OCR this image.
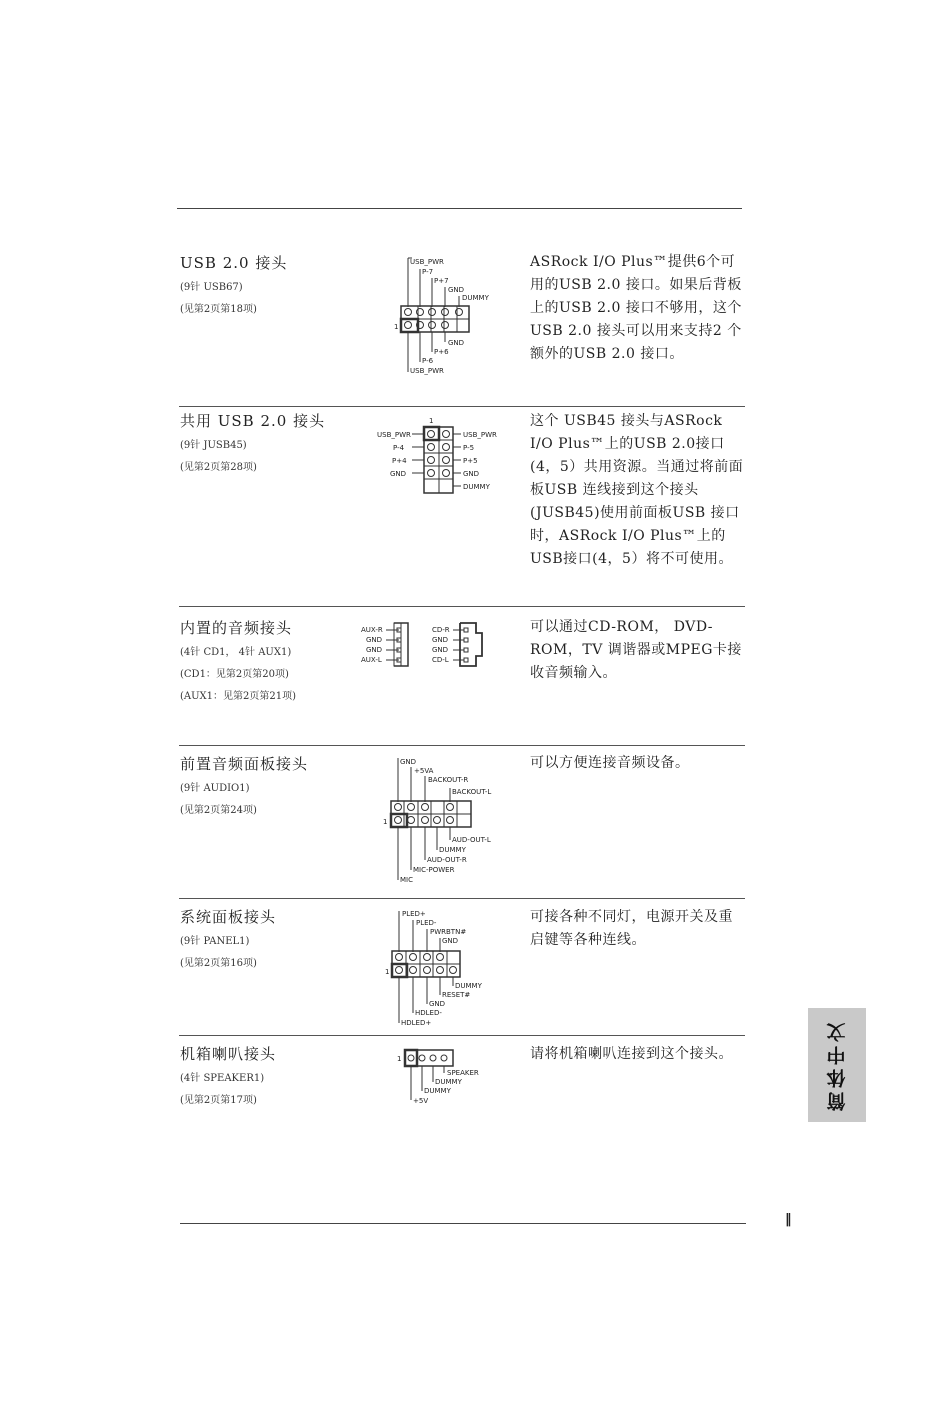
USB 2.0 接头
(9针 USB67)
(见第2页第18项)
USB_PWR
P-7
P+7
GND
DUMMY
1
GND
P+6
P-6
USB_PWR
ASRock I/O Plus™提供6个可用的USB 2.0 接口。如果后背板上的USB 2.0 接口不够用，这个USB 2.0 接头可以用来支持2 个额外的USB 2.0 接口。
共用 USB 2.0 接头
(9针 JUSB45)
(见第2页第28项)
1
USB_PWR
P-4
P+4
GND
USB_PWR
P-5
P+5
GND
DUMMY
这个 USB45 接头与ASRock I/O Plus™上的USB 2.0接口(4，5）共用资源。当通过将前面板USB 连线接到这个接头(JUSB45)使用前面板USB 接口时，ASRock I/O Plus™上的USB接口(4，5）将不可使用。
内置的音频接头
(4针 CD1， 4针 AUX1)
(CD1：见第2页第20项)
(AUX1：见第2页第21项)
AUX-R
GND
GND
AUX-L
CD-R
GND
GND
CD-L
可以通过CD-ROM， DVD-ROM，TV 调谐器或MPEG卡接收音频输入。
前置音频面板接头
(9针 AUDIO1)
(见第2页第24项)
GND
+5VA
BACKOUT-R
BACKOUT-L
1
AUD-OUT-L
DUMMY
AUD-OUT-R
MIC-POWER
MIC
可以方便连接音频设备。
系统面板接头
(9针 PANEL1)
(见第2页第16项)
PLED+
PLED-
PWRBTN#
GND
1
DUMMY
RESET#
GND
HDLED-
HDLED+
可接各种不同灯，电源开关及重启键等各种连线。
机箱喇叭接头
(4针 SPEAKER1)
(见第2页第17项)
1
SPEAKER
DUMMY
DUMMY
+5V
请将机箱喇叭连接到这个接头。	简体中文
‖
